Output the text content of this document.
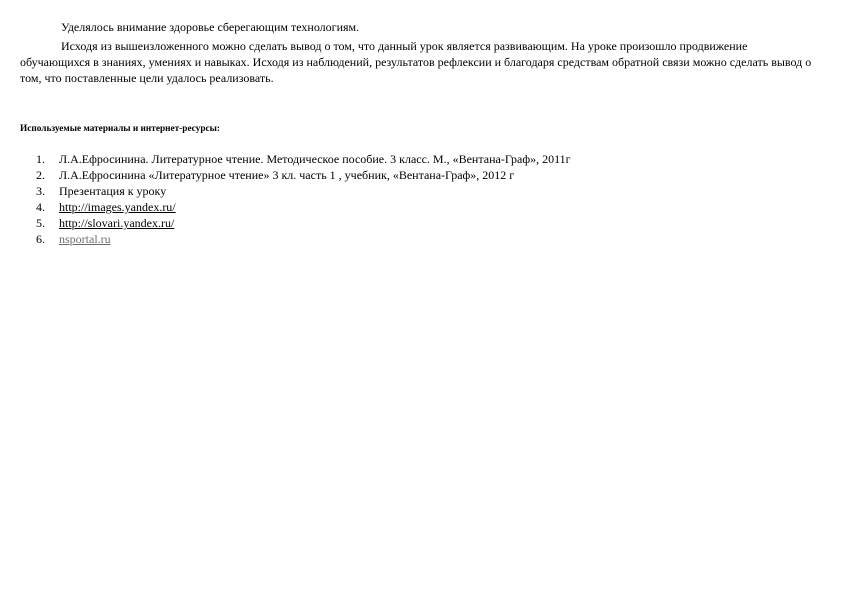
Уделялось внимание здоровье сберегающим технологиям.

Исходя из вышеизложенного можно сделать вывод о том, что данный урок является развивающим. На уроке произошло продвижение обучающихся в знаниях, умениях и навыках. Исходя из наблюдений, результатов рефлексии и благодаря средствам обратной связи можно сделать вывод о том, что поставленные цели удалось реализовать.

Используемые материалы и интернет-ресурсы:

1. Л.А.Ефросинина. Литературное чтение. Методическое пособие. 3 класс. М., «Вентана-Граф», 2011г
2. Л.А.Ефросинина «Литературное чтение» 3 кл. часть 1 , учебник, «Вентана-Граф», 2012 г
3. Презентация к уроку
4. http://images.yandex.ru/
5. http://slovari.yandex.ru/
6. nsportal.ru
